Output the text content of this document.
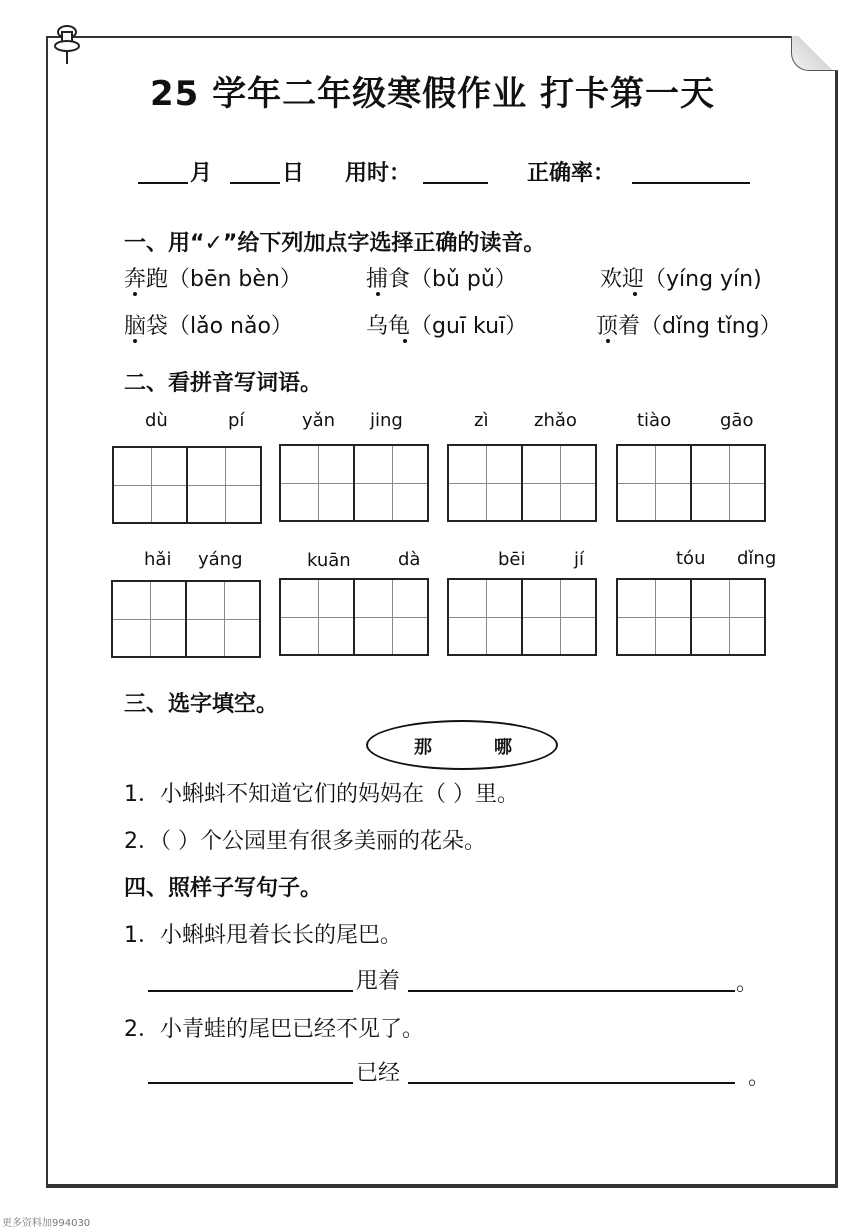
25 学年二年级寒假作业 打卡第一天
月	日 用时：	正确率：
一、用“✓”给下列加点字选择正确的读音。
奔跑（bēn bèn）	捕食（bǔ pǔ）	欢迎（yíng yín)
脑袋（lǎo nǎo）	乌龟（guī kuī）	顶着（dǐng tǐng）
二、看拼音写词语。
dù	pí	yǎn jing	zì	zhǎo	tiào	gāo
hǎi yáng	kuān	dà	bēi	jí	tóu dǐng
三、选字填空。
那	哪
1．小蝌蚪不知道它们的妈妈在（ ）里。
2．（ ）个公园里有很多美丽的花朵。
四、照样子写句子。
1．小蝌蚪甩着长长的尾巴。
甩着	。
2．小青蛙的尾巴已经不见了。
已经	。
更多资料加994030
